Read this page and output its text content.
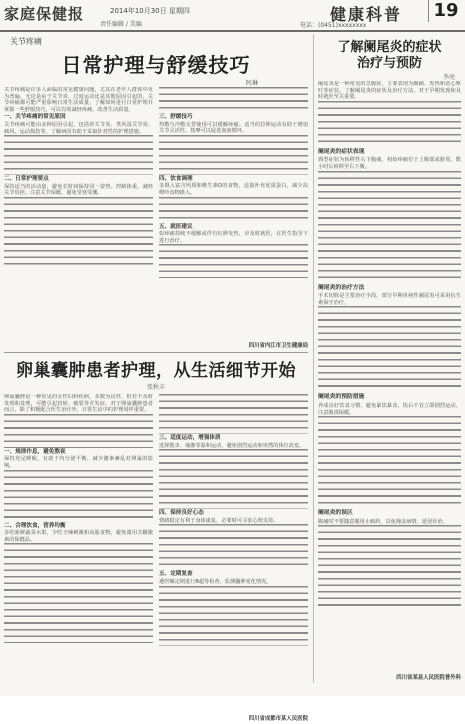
家庭保健报	2014年10月30日 星期四
责任编辑 / 美编
健康科普
电话：(0451)xxxxxxxx
19
关节疼痛
日常护理与舒缓技巧
阿琳
关节疼痛是许多人面临的常见健康问题，尤其在老年人群体中更为普遍。无论是由于关节炎、过度运动还是其他原因引起的，关节疼痛都可能严重影响日常生活质量。了解如何进行日常护理并掌握一些舒缓技巧，可以有效减轻疼痛、改善生活质量。
一、关节疼痛的常见原因
关节疼痛可能由多种原因引起，包括骨关节炎、类风湿关节炎、痛风、运动损伤等。了解病因有助于采取针对性的护理措施。
二、日常护理要点
保持适当的活动量，避免长时间保持同一姿势。控制体重，减轻关节负担。注意关节保暖，避免受寒受潮。
三、舒缓技巧
热敷与冷敷交替使用可以缓解疼痛。适当的拉伸运动有助于增加关节灵活性。按摩可以促进血液循环。
四、饮食调理
多摄入富含钙质和维生素D的食物，适量补充优质蛋白，减少高嘌呤食物摄入。
五、就医建议
如疼痛持续不缓解或伴有红肿发热，应及时就医，在医生指导下进行治疗。
四川省内江市卫生健康局
卵巢囊肿患者护理，从生活细节开始
张秋丰
卵巢囊肿是一种常见的女性妇科疾病，多数为良性，但若不及时发现和处理，可能引起扭转、破裂等并发症。对于卵巢囊肿患者而言，除了积极配合医生治疗外，日常生活中的护理同样重要。
一、规律作息，避免熬夜
保持充足睡眠，有助于内分泌平衡，减少激素紊乱对卵巢的影响。
二、合理饮食，营养均衡
多吃新鲜蔬菜水果，少吃辛辣刺激和高脂食物，避免滥用含雌激素的保健品。
三、适度运动，增强体质
选择散步、瑜伽等温和运动，避免剧烈运动和突然的体位改变。
四、保持良好心态
情绪稳定有利于身体康复，必要时可寻求心理支持。
五、定期复查
遵医嘱定期进行B超等检查，监测囊肿变化情况。
四川省成都市某人民医院
了解阑尾炎的症状
治疗与预防
李亮
阑尾炎是一种常见的急腹症，主要表现为腹痛、发热和恶心呕吐等症状。了解阑尾炎的症状及治疗方法，对于早期发现和及时就医至关重要。
阑尾炎的症状表现
典型症状为转移性右下腹痛，初始疼痛位于上腹部或脐周，数小时后转移至右下腹。
阑尾炎的治疗方法
手术切除是主要治疗手段，部分早期单纯性阑尾炎可采用抗生素保守治疗。
阑尾炎的预防措施
养成良好饮食习惯，避免暴饮暴食，饭后不宜立即剧烈运动，注意腹部保暖。
阑尾炎的误区
腹痛时不要随意服用止痛药，以免掩盖病情，延误诊治。
四川省某县人民医院普外科
